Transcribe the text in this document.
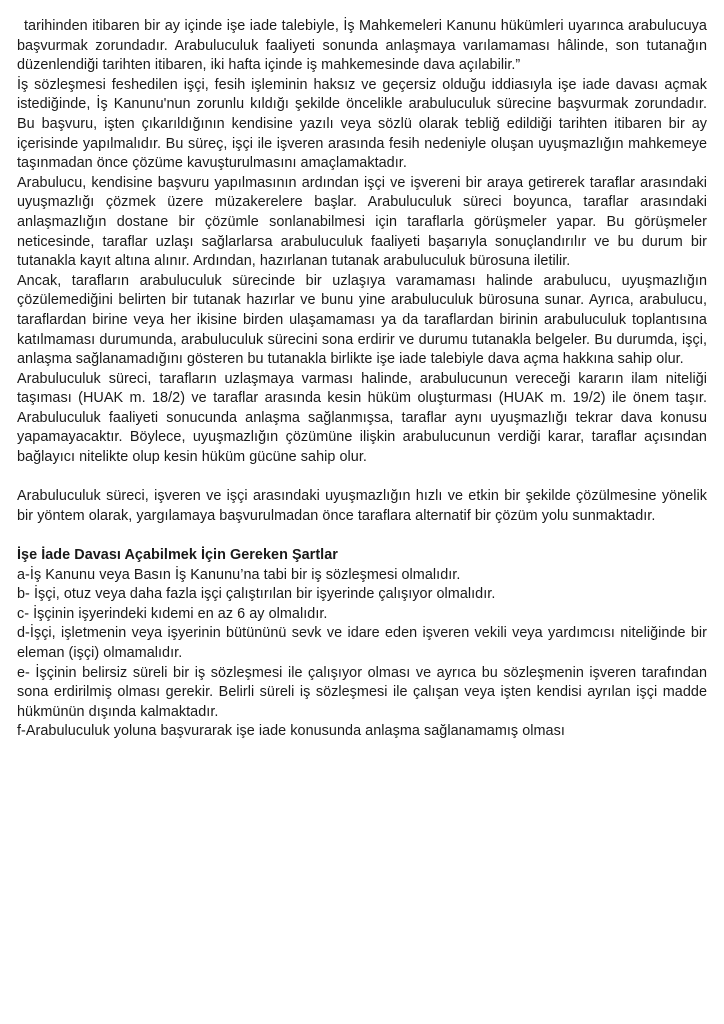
tarihinden itibaren bir ay içinde işe iade talebiyle, İş Mahkemeleri Kanunu hükümleri uyarınca arabulucuya başvurmak zorundadır. Arabuluculuk faaliyeti sonunda anlaşmaya varılamaması hâlinde, son tutanağın düzenlendiği tarihten itibaren, iki hafta içinde iş mahkemesinde dava açılabilir.”

İş sözleşmesi feshedilen işçi, fesih işleminin haksız ve geçersiz olduğu iddiasıyla işe iade davası açmak istediğinde, İş Kanunu'nun zorunlu kıldığı şekilde öncelikle arabuluculuk sürecine başvurmak zorundadır. Bu başvuru, işten çıkarıldığının kendisine yazılı veya sözlü olarak tebliğ edildiği tarihten itibaren bir ay içerisinde yapılmalıdır. Bu süreç, işçi ile işveren arasında fesih nedeniyle oluşan uyuşmazlığın mahkemeye taşınmadan önce çözüme kavuşturulmasını amaçlamaktadır.

Arabulucu, kendisine başvuru yapılmasının ardından işçi ve işvereni bir araya getirerek taraflar arasındaki uyuşmazlığı çözmek üzere müzakerelere başlar. Arabuluculuk süreci boyunca, taraflar arasındaki anlaşmazlığın dostane bir çözümle sonlanabilmesi için taraflarla görüşmeler yapar. Bu görüşmeler neticesinde, taraflar uzlaşı sağlarlarsa arabuluculuk faaliyeti başarıyla sonuçlandırılır ve bu durum bir tutanakla kayıt altına alınır. Ardından, hazırlanan tutanak arabuluculuk bürosuna iletilir.

Ancak, tarafların arabuluculuk sürecinde bir uzlaşıya varamaması halinde arabulucu, uyuşmazlığın çözülemediğini belirten bir tutanak hazırlar ve bunu yine arabuluculuk bürosuna sunar. Ayrıca, arabulucu, taraflardan birine veya her ikisine birden ulaşamaması ya da taraflardan birinin arabuluculuk toplantısına katılmaması durumunda, arabuluculuk sürecini sona erdirir ve durumu tutanakla belgeler. Bu durumda, işçi, anlaşma sağlanamadığını gösteren bu tutanakla birlikte işe iade talebiyle dava açma hakkına sahip olur.

Arabuluculuk süreci, tarafların uzlaşmaya varması halinde, arabulucunun vereceği kararın ilam niteliği taşıması (HUAK m. 18/2) ve taraflar arasında kesin hüküm oluşturması (HUAK m. 19/2) ile önem taşır. Arabuluculuk faaliyeti sonucunda anlaşma sağlanmışsa, taraflar aynı uyuşmazlığı tekrar dava konusu yapamayacaktır. Böylece, uyuşmazlığın çözümüne ilişkin arabulucunun verdiği karar, taraflar açısından bağlayıcı nitelikte olup kesin hüküm gücüne sahip olur.

Arabuluculuk süreci, işveren ve işçi arasındaki uyuşmazlığın hızlı ve etkin bir şekilde çözülmesine yönelik bir yöntem olarak, yargılamaya başvurulmadan önce taraflara alternatif bir çözüm yolu sunmaktadır.

İşe İade Davası Açabilmek İçin Gereken Şartlar

a-İş Kanunu veya Basın İş Kanunu’na tabi bir iş sözleşmesi olmalıdır.

b- İşçi, otuz veya daha fazla işçi çalıştırılan bir işyerinde çalışıyor olmalıdır.

c- İşçinin işyerindeki kıdemi en az 6 ay olmalıdır.

d-İşçi, işletmenin veya işyerinin bütününü sevk ve idare eden işveren vekili veya yardımcısı niteliğinde bir eleman (işçi) olmamalıdır.

e- İşçinin belirsiz süreli bir iş sözleşmesi ile çalışıyor olması ve ayrıca bu sözleşmenin işveren tarafından sona erdirilmiş olması gerekir. Belirli süreli iş sözleşmesi ile çalışan veya işten kendisi ayrılan işçi madde hükmünün dışında kalmaktadır.

f-Arabuluculuk yoluna başvurarak işe iade konusunda anlaşma sağlanamamış olması
